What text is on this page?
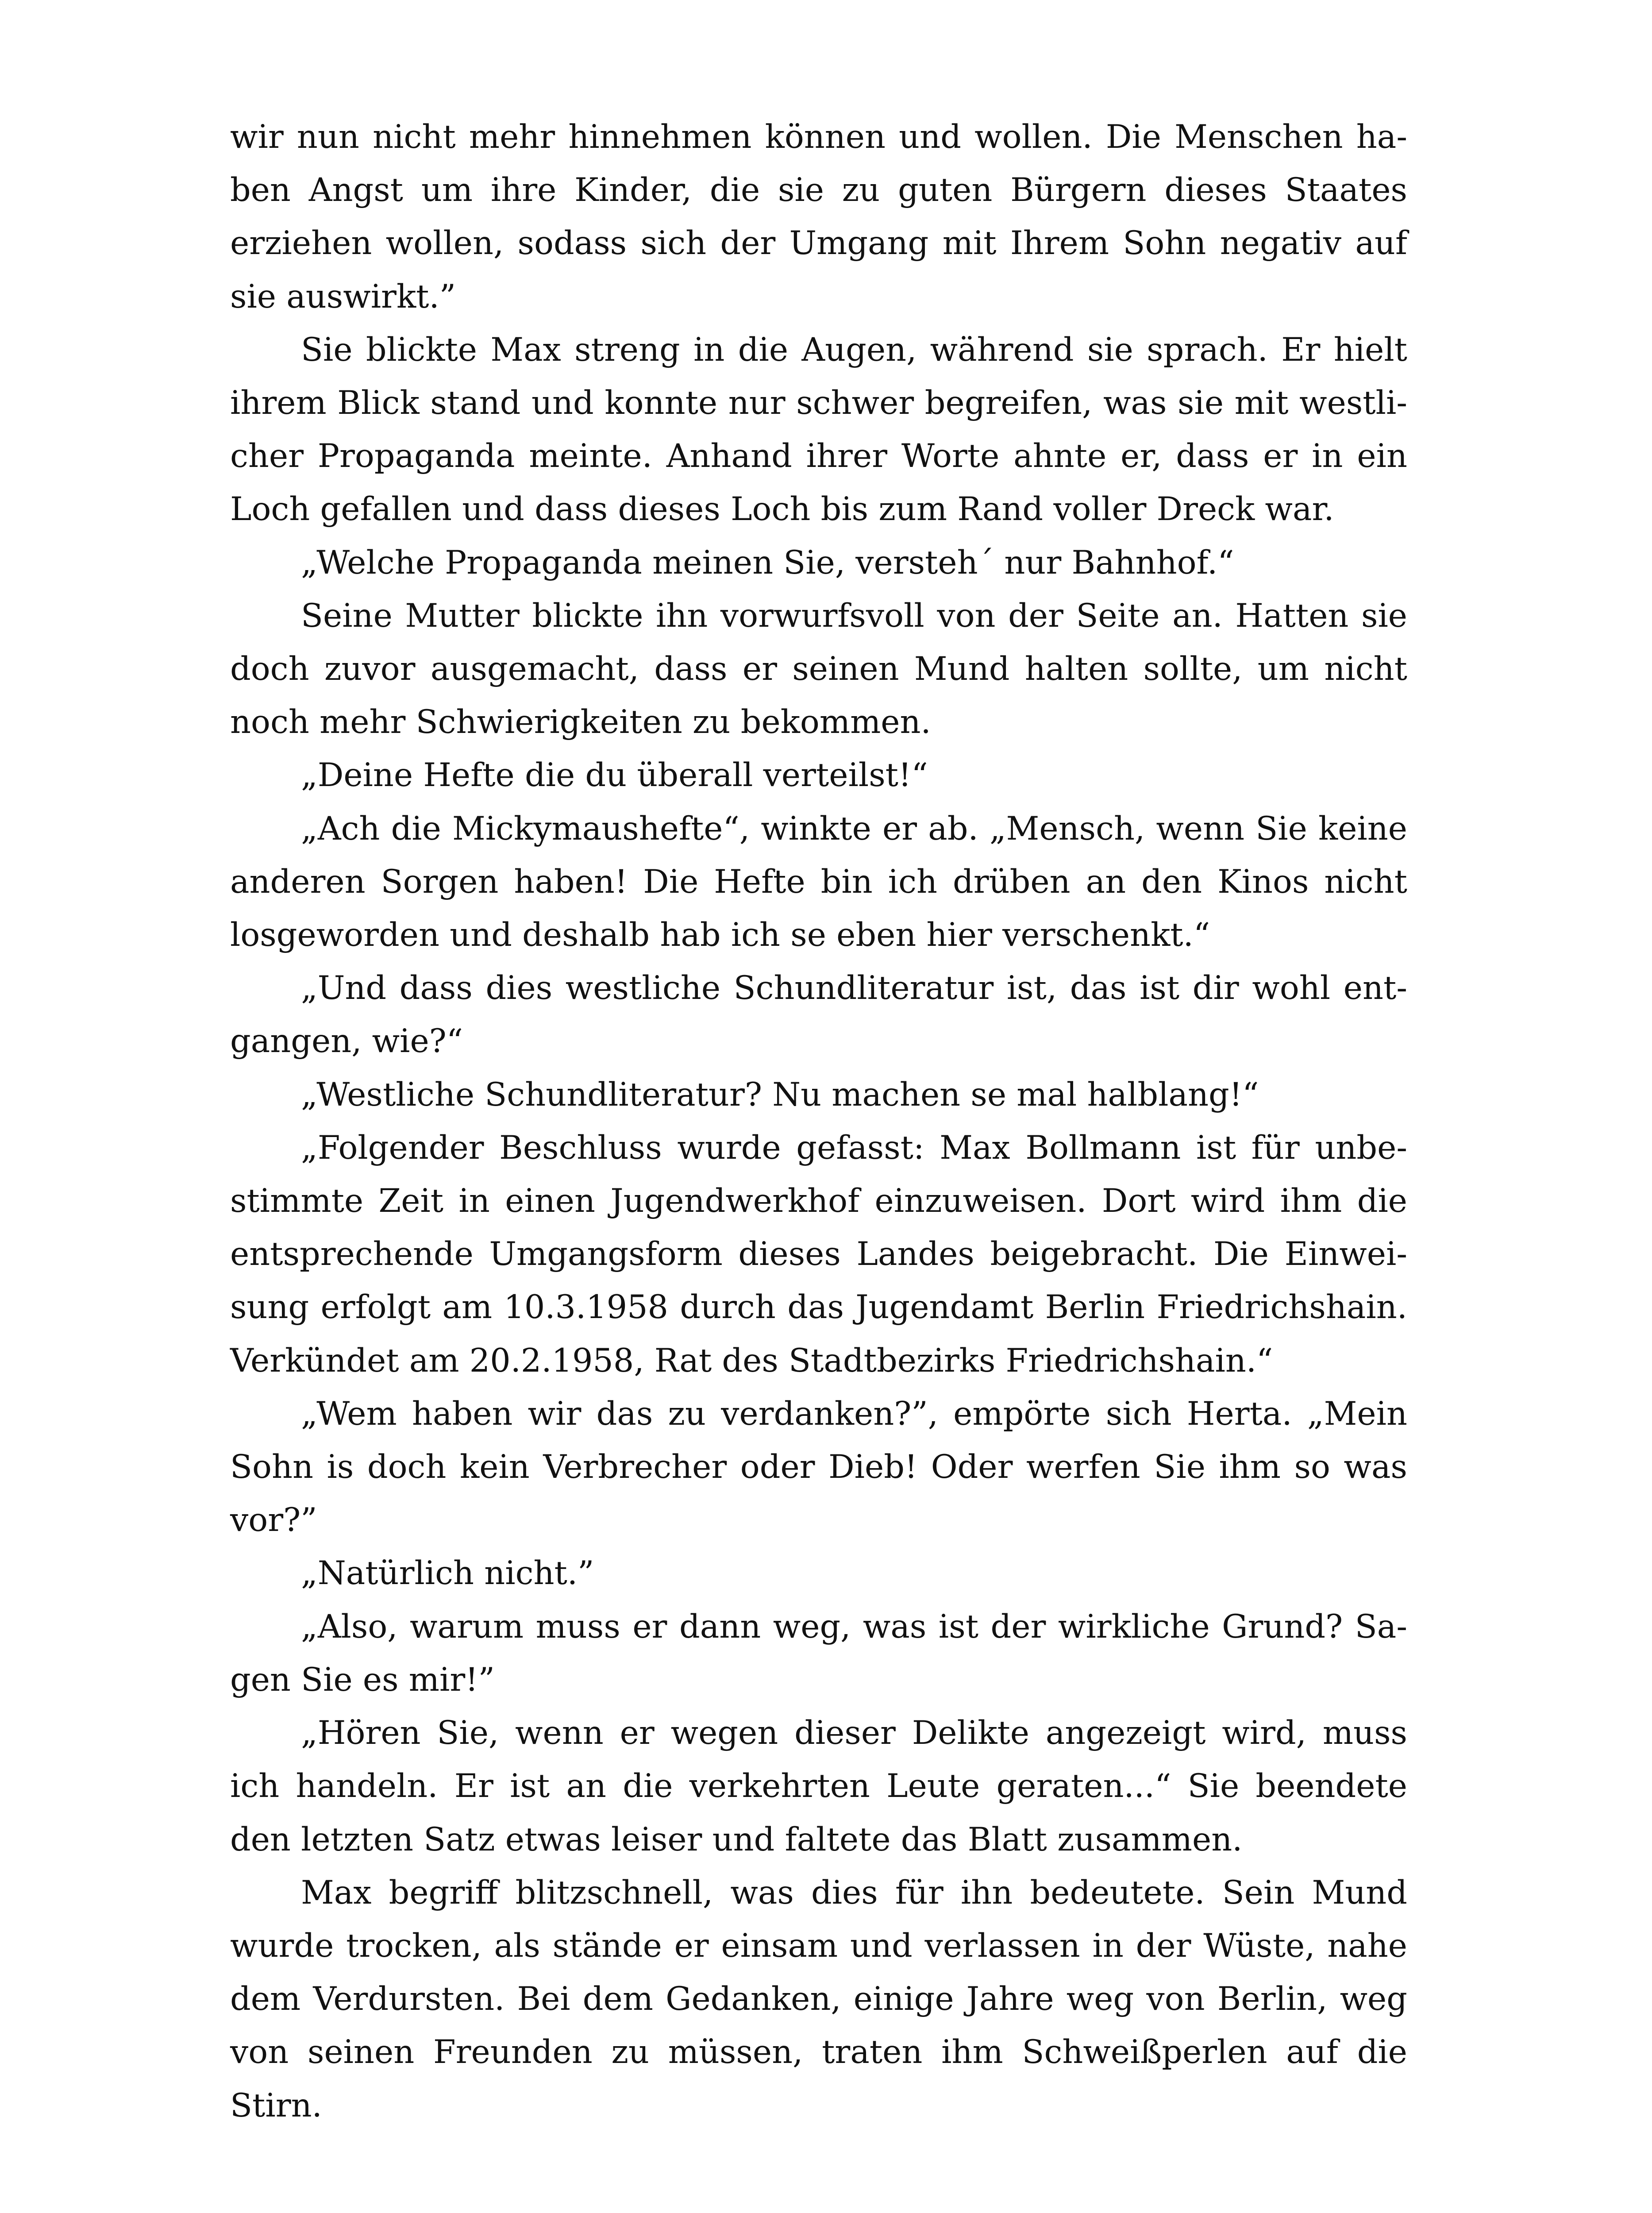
wir nun nicht mehr hinnehmen können und wollen. Die Menschen haben Angst um ihre Kinder, die sie zu guten Bürgern dieses Staates erziehen wollen, sodass sich der Umgang mit Ihrem Sohn negativ auf sie auswirkt.”

Sie blickte Max streng in die Augen, während sie sprach. Er hielt ihrem Blick stand und konnte nur schwer begreifen, was sie mit westlicher Propaganda meinte. Anhand ihrer Worte ahnte er, dass er in ein Loch gefallen und dass dieses Loch bis zum Rand voller Dreck war.

„Welche Propaganda meinen Sie, versteh´ nur Bahnhof.“

Seine Mutter blickte ihn vorwurfsvoll von der Seite an. Hatten sie doch zuvor ausgemacht, dass er seinen Mund halten sollte, um nicht noch mehr Schwierigkeiten zu bekommen.

„Deine Hefte die du überall verteilst!“

„Ach die Mickymaushefte“, winkte er ab. „Mensch, wenn Sie keine anderen Sorgen haben! Die Hefte bin ich drüben an den Kinos nicht losgeworden und deshalb hab ich se eben hier verschenkt.“

„Und dass dies westliche Schundliteratur ist, das ist dir wohl entgangen, wie?“

„Westliche Schundliteratur? Nu machen se mal halblang!“

„Folgender Beschluss wurde gefasst: Max Bollmann ist für unbestimmte Zeit in einen Jugendwerkhof einzuweisen. Dort wird ihm die entsprechende Umgangsform dieses Landes beigebracht. Die Einweisung erfolgt am 10.3.1958 durch das Jugendamt Berlin Friedrichshain. Verkündet am 20.2.1958, Rat des Stadtbezirks Friedrichshain.“

„Wem haben wir das zu verdanken?”, empörte sich Herta. „Mein Sohn is doch kein Verbrecher oder Dieb! Oder werfen Sie ihm so was vor?”

„Natürlich nicht.”

„Also, warum muss er dann weg, was ist der wirkliche Grund? Sagen Sie es mir!”

„Hören Sie, wenn er wegen dieser Delikte angezeigt wird, muss ich handeln. Er ist an die verkehrten Leute geraten...“ Sie beendete den letzten Satz etwas leiser und faltete das Blatt zusammen.

Max begriff blitzschnell, was dies für ihn bedeutete. Sein Mund wurde trocken, als stände er einsam und verlassen in der Wüste, nahe dem Verdursten. Bei dem Gedanken, einige Jahre weg von Berlin, weg von seinen Freunden zu müssen, traten ihm Schweißperlen auf die Stirn.
